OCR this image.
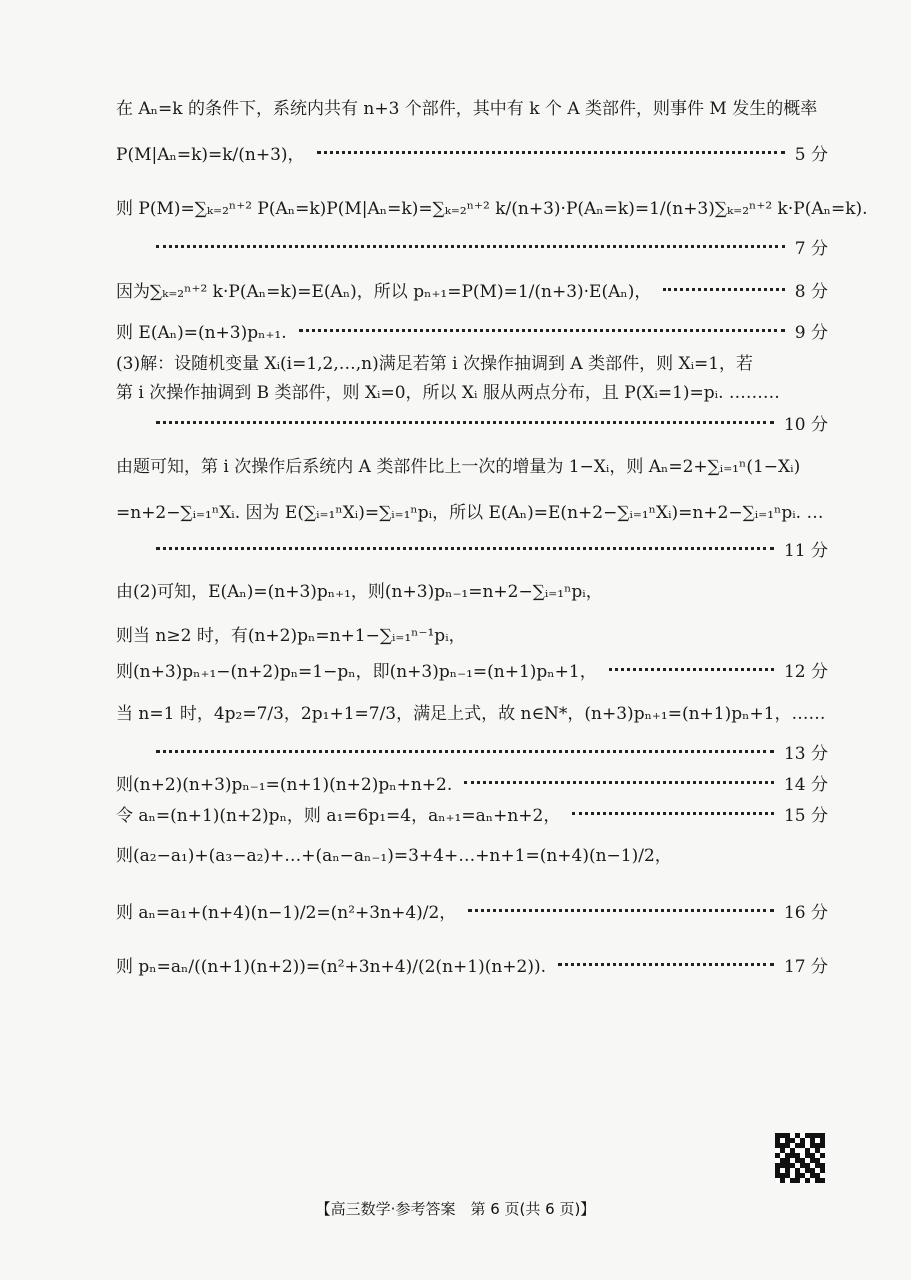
在 Aₙ=k 的条件下，系统内共有 n+3 个部件，其中有 k 个 A 类部件，则事件 M 发生的概率
P(M|Aₙ=k)=k/(n+3)，	5 分
则 P(M)=∑ₖ₌₂ⁿ⁺² P(Aₙ=k)P(M|Aₙ=k)=∑ₖ₌₂ⁿ⁺² k/(n+3)·P(Aₙ=k)=1/(n+3)∑ₖ₌₂ⁿ⁺² k·P(Aₙ=k).
7 分
因为∑ₖ₌₂ⁿ⁺² k·P(Aₙ=k)=E(Aₙ)，所以 pₙ₊₁=P(M)=1/(n+3)·E(Aₙ)，	8 分
则 E(Aₙ)=(n+3)pₙ₊₁.	9 分
(3)解：设随机变量 Xᵢ(i=1,2,…,n)满足若第 i 次操作抽调到 A 类部件，则 Xᵢ=1，若
第 i 次操作抽调到 B 类部件，则 Xᵢ=0，所以 Xᵢ 服从两点分布，且 P(Xᵢ=1)=pᵢ. ………
10 分
由题可知，第 i 次操作后系统内 A 类部件比上一次的增量为 1−Xᵢ，则 Aₙ=2+∑ᵢ₌₁ⁿ(1−Xᵢ)
=n+2−∑ᵢ₌₁ⁿXᵢ. 因为 E(∑ᵢ₌₁ⁿXᵢ)=∑ᵢ₌₁ⁿpᵢ，所以 E(Aₙ)=E(n+2−∑ᵢ₌₁ⁿXᵢ)=n+2−∑ᵢ₌₁ⁿpᵢ. …
11 分
由(2)可知，E(Aₙ)=(n+3)pₙ₊₁，则(n+3)pₙ₋₁=n+2−∑ᵢ₌₁ⁿpᵢ，
则当 n≥2 时，有(n+2)pₙ=n+1−∑ᵢ₌₁ⁿ⁻¹pᵢ，
则(n+3)pₙ₊₁−(n+2)pₙ=1−pₙ，即(n+3)pₙ₋₁=(n+1)pₙ+1，	12 分
当 n=1 时，4p₂=7/3，2p₁+1=7/3，满足上式，故 n∈N*，(n+3)pₙ₊₁=(n+1)pₙ+1，……
13 分
则(n+2)(n+3)pₙ₋₁=(n+1)(n+2)pₙ+n+2.	14 分
令 aₙ=(n+1)(n+2)pₙ，则 a₁=6p₁=4，aₙ₊₁=aₙ+n+2，	15 分
则(a₂−a₁)+(a₃−a₂)+…+(aₙ−aₙ₋₁)=3+4+…+n+1=(n+4)(n−1)/2，
则 aₙ=a₁+(n+4)(n−1)/2=(n²+3n+4)/2，	16 分
则 pₙ=aₙ/((n+1)(n+2))=(n²+3n+4)/(2(n+1)(n+2)).	17 分
【高三数学·参考答案　第 6 页(共 6 页)】
